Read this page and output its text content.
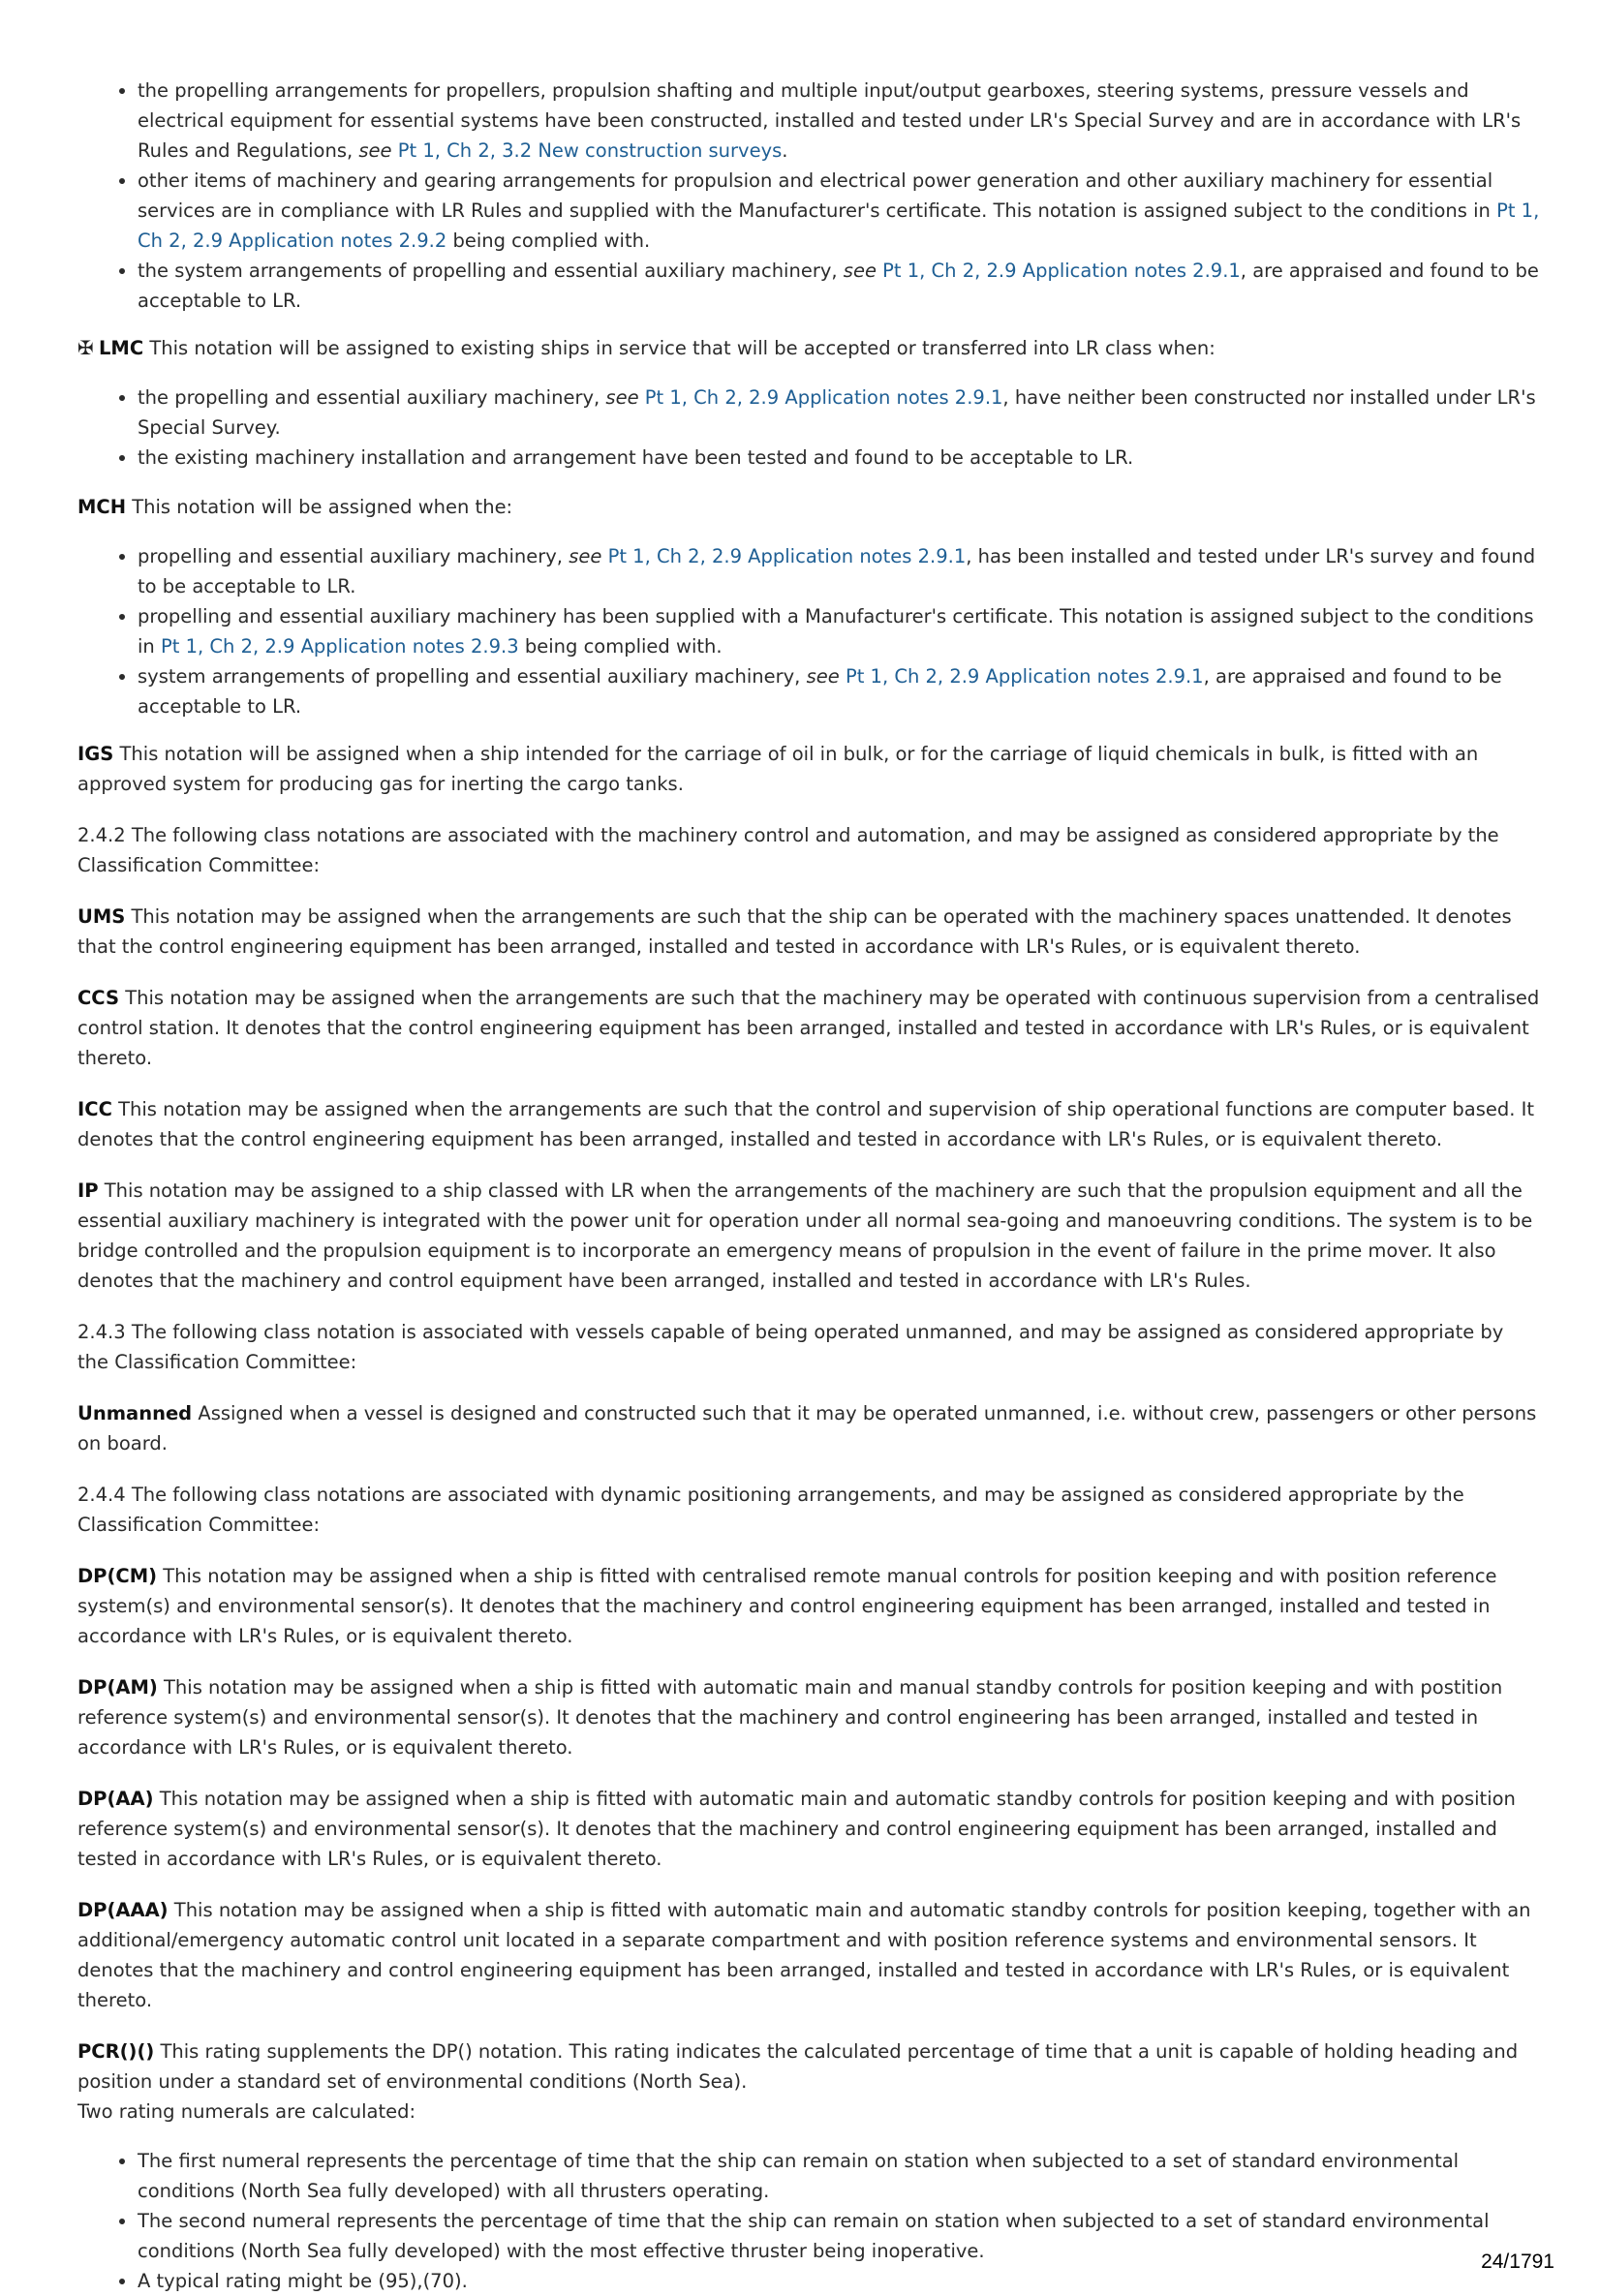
• the propelling arrangements for propellers, propulsion shafting and multiple input/output gearboxes, steering systems, pressure vessels and electrical equipment for essential systems have been constructed, installed and tested under LR's Special Survey and are in accordance with LR's Rules and Regulations, see Pt 1, Ch 2, 3.2 New construction surveys.
• other items of machinery and gearing arrangements for propulsion and electrical power generation and other auxiliary machinery for essential services are in compliance with LR Rules and supplied with the Manufacturer's certificate. This notation is assigned subject to the conditions in Pt 1, Ch 2, 2.9 Application notes 2.9.2 being complied with.
• the system arrangements of propelling and essential auxiliary machinery, see Pt 1, Ch 2, 2.9 Application notes 2.9.1, are appraised and found to be acceptable to LR.

✠ LMC This notation will be assigned to existing ships in service that will be accepted or transferred into LR class when:

• the propelling and essential auxiliary machinery, see Pt 1, Ch 2, 2.9 Application notes 2.9.1, have neither been constructed nor installed under LR's Special Survey.
• the existing machinery installation and arrangement have been tested and found to be acceptable to LR.

MCH This notation will be assigned when the:

• propelling and essential auxiliary machinery, see Pt 1, Ch 2, 2.9 Application notes 2.9.1, has been installed and tested under LR's survey and found to be acceptable to LR.
• propelling and essential auxiliary machinery has been supplied with a Manufacturer's certificate. This notation is assigned subject to the conditions in Pt 1, Ch 2, 2.9 Application notes 2.9.3 being complied with.
• system arrangements of propelling and essential auxiliary machinery, see Pt 1, Ch 2, 2.9 Application notes 2.9.1, are appraised and found to be acceptable to LR.

IGS This notation will be assigned when a ship intended for the carriage of oil in bulk, or for the carriage of liquid chemicals in bulk, is fitted with an approved system for producing gas for inerting the cargo tanks.

2.4.2 The following class notations are associated with the machinery control and automation, and may be assigned as considered appropriate by the Classification Committee:

UMS This notation may be assigned when the arrangements are such that the ship can be operated with the machinery spaces unattended. It denotes that the control engineering equipment has been arranged, installed and tested in accordance with LR's Rules, or is equivalent thereto.

CCS This notation may be assigned when the arrangements are such that the machinery may be operated with continuous supervision from a centralised control station. It denotes that the control engineering equipment has been arranged, installed and tested in accordance with LR's Rules, or is equivalent thereto.

ICC This notation may be assigned when the arrangements are such that the control and supervision of ship operational functions are computer based. It denotes that the control engineering equipment has been arranged, installed and tested in accordance with LR's Rules, or is equivalent thereto.

IP This notation may be assigned to a ship classed with LR when the arrangements of the machinery are such that the propulsion equipment and all the essential auxiliary machinery is integrated with the power unit for operation under all normal sea-going and manoeuvring conditions. The system is to be bridge controlled and the propulsion equipment is to incorporate an emergency means of propulsion in the event of failure in the prime mover. It also denotes that the machinery and control equipment have been arranged, installed and tested in accordance with LR's Rules.

2.4.3 The following class notation is associated with vessels capable of being operated unmanned, and may be assigned as considered appropriate by the Classification Committee:

Unmanned Assigned when a vessel is designed and constructed such that it may be operated unmanned, i.e. without crew, passengers or other persons on board.

2.4.4 The following class notations are associated with dynamic positioning arrangements, and may be assigned as considered appropriate by the Classification Committee:

DP(CM) This notation may be assigned when a ship is fitted with centralised remote manual controls for position keeping and with position reference system(s) and environmental sensor(s). It denotes that the machinery and control engineering equipment has been arranged, installed and tested in accordance with LR's Rules, or is equivalent thereto.

DP(AM) This notation may be assigned when a ship is fitted with automatic main and manual standby controls for position keeping and with postition reference system(s) and environmental sensor(s). It denotes that the machinery and control engineering has been arranged, installed and tested in accordance with LR's Rules, or is equivalent thereto.

DP(AA) This notation may be assigned when a ship is fitted with automatic main and automatic standby controls for position keeping and with position reference system(s) and environmental sensor(s). It denotes that the machinery and control engineering equipment has been arranged, installed and tested in accordance with LR's Rules, or is equivalent thereto.

DP(AAA) This notation may be assigned when a ship is fitted with automatic main and automatic standby controls for position keeping, together with an additional/emergency automatic control unit located in a separate compartment and with position reference systems and environmental sensors. It denotes that the machinery and control engineering equipment has been arranged, installed and tested in accordance with LR's Rules, or is equivalent thereto.

PCR()() This rating supplements the DP() notation. This rating indicates the calculated percentage of time that a unit is capable of holding heading and position under a standard set of environmental conditions (North Sea).
Two rating numerals are calculated:

• The first numeral represents the percentage of time that the ship can remain on station when subjected to a set of standard environmental conditions (North Sea fully developed) with all thrusters operating.
• The second numeral represents the percentage of time that the ship can remain on station when subjected to a set of standard environmental conditions (North Sea fully developed) with the most effective thruster being inoperative.
• A typical rating might be (95),(70).
24/1791
